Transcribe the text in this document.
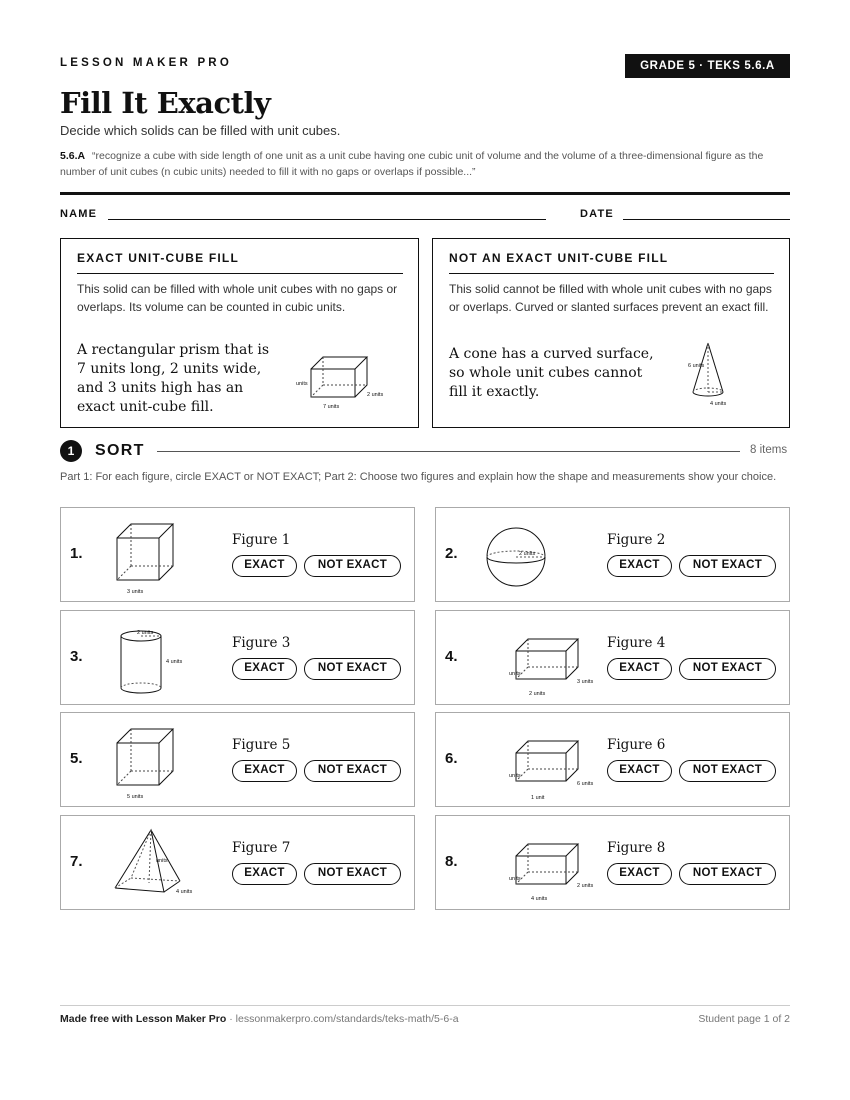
LESSON MAKER PRO	GRADE 5 · TEKS 5.6.A
Fill It Exactly
Decide which solids can be filled with unit cubes.
5.6.A “recognize a cube with side length of one unit as a unit cube having one cubic unit of volume and the volume of a three-dimensional figure as the number of unit cubes (n cubic units) needed to fill it with no gaps or overlaps if possible...”
NAME	DATE
EXACT UNIT-CUBE FILL
This solid can be filled with whole unit cubes with no gaps or overlaps. Its volume can be counted in cubic units.
A rectangular prism that is 7 units long, 2 units wide, and 3 units high has an exact unit-cube fill.
units
2 units
7 units
NOT AN EXACT UNIT-CUBE FILL
This solid cannot be filled with whole unit cubes with no gaps or overlaps. Curved or slanted surfaces prevent an exact fill.
A cone has a curved surface, so whole unit cubes cannot fill it exactly.
6 units
4 units
1	SORT	8 items
Part 1: For each figure, circle EXACT or NOT EXACT; Part 2: Choose two figures and explain how the shape and measurements show your choice.
1.
3 units
Figure 1
EXACT	NOT EXACT
2.	2 units
Figure 2
EXACT	NOT EXACT
3.	4 units
2 units
Figure 3
EXACT	NOT EXACT
4.
units
3 units
2 units
Figure 4
EXACT	NOT EXACT
5.
5 units
Figure 5
EXACT	NOT EXACT
6.
units
6 units
1 unit
Figure 6
EXACT	NOT EXACT
7.	units
4 units
Figure 7
EXACT	NOT EXACT
8.
units
2 units
4 units
Figure 8
EXACT	NOT EXACT
Made free with Lesson Maker Pro · lessonmakerpro.com/standards/teks-math/5-6-a	Student page 1 of 2
